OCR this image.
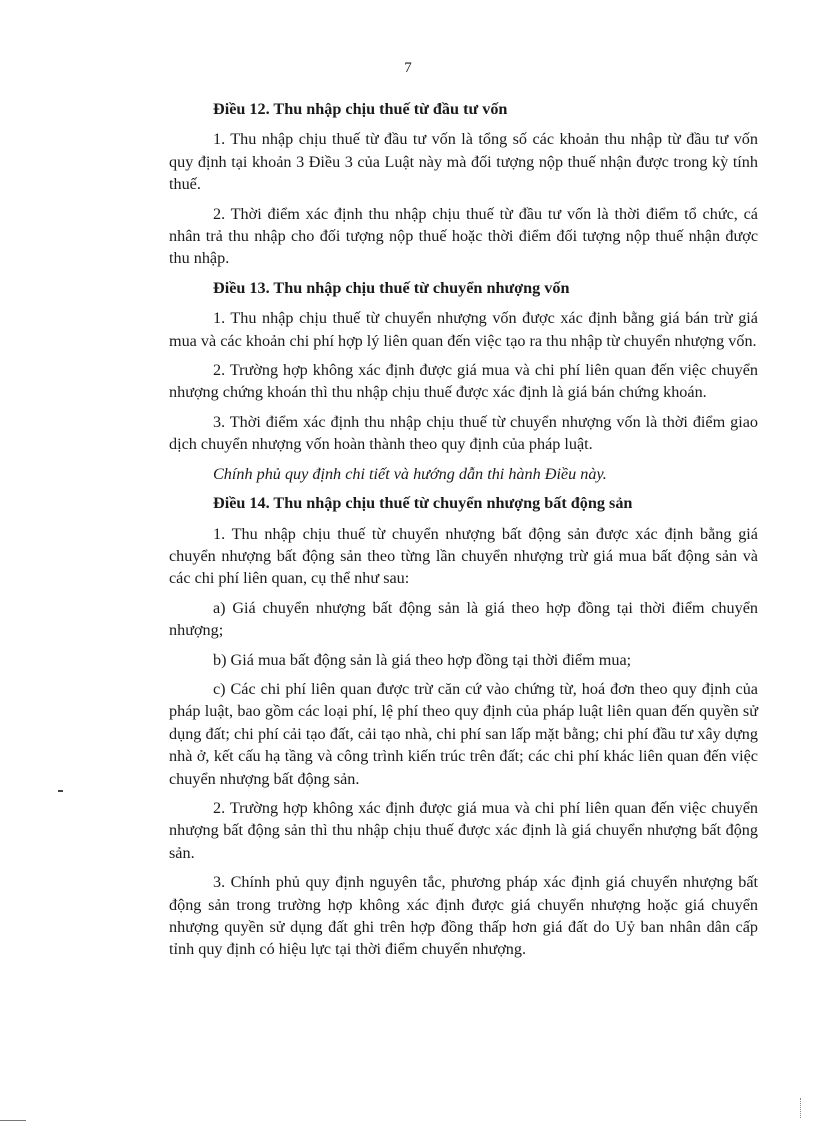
7
Điều 12. Thu nhập chịu thuế từ đầu tư vốn

1. Thu nhập chịu thuế từ đầu tư vốn là tổng số các khoản thu nhập từ đầu tư vốn quy định tại khoản 3 Điều 3 của Luật này mà đối tượng nộp thuế nhận được trong kỳ tính thuế.

2. Thời điểm xác định thu nhập chịu thuế từ đầu tư vốn là thời điểm tổ chức, cá nhân trả thu nhập cho đối tượng nộp thuế hoặc thời điểm đối tượng nộp thuế nhận được thu nhập.

Điều 13. Thu nhập chịu thuế từ chuyển nhượng vốn

1. Thu nhập chịu thuế từ chuyển nhượng vốn được xác định bằng giá bán trừ giá mua và các khoản chi phí hợp lý liên quan đến việc tạo ra thu nhập từ chuyển nhượng vốn.

2. Trường hợp không xác định được giá mua và chi phí liên quan đến việc chuyển nhượng chứng khoán thì thu nhập chịu thuế được xác định là giá bán chứng khoán.

3. Thời điểm xác định thu nhập chịu thuế từ chuyển nhượng vốn là thời điểm giao dịch chuyển nhượng vốn hoàn thành theo quy định của pháp luật.

Chính phủ quy định chi tiết và hướng dẫn thi hành Điều này.

Điều 14. Thu nhập chịu thuế từ chuyển nhượng bất động sản

1. Thu nhập chịu thuế từ chuyển nhượng bất động sản được xác định bằng giá chuyển nhượng bất động sản theo từng lần chuyển nhượng trừ giá mua bất động sản và các chi phí liên quan, cụ thể như sau:

a) Giá chuyển nhượng bất động sản là giá theo hợp đồng tại thời điểm chuyển nhượng;

b) Giá mua bất động sản là giá theo hợp đồng tại thời điểm mua;

c) Các chi phí liên quan được trừ căn cứ vào chứng từ, hoá đơn theo quy định của pháp luật, bao gồm các loại phí, lệ phí theo quy định của pháp luật liên quan đến quyền sử dụng đất; chi phí cải tạo đất, cải tạo nhà, chi phí san lấp mặt bằng; chi phí đầu tư xây dựng nhà ở, kết cấu hạ tầng và công trình kiến trúc trên đất; các chi phí khác liên quan đến việc chuyển nhượng bất động sản.

2. Trường hợp không xác định được giá mua và chi phí liên quan đến việc chuyển nhượng bất động sản thì thu nhập chịu thuế được xác định là giá chuyển nhượng bất động sản.

3. Chính phủ quy định nguyên tắc, phương pháp xác định giá chuyển nhượng bất động sản trong trường hợp không xác định được giá chuyển nhượng hoặc giá chuyển nhượng quyền sử dụng đất ghi trên hợp đồng thấp hơn giá đất do Uỷ ban nhân dân cấp tỉnh quy định có hiệu lực tại thời điểm chuyển nhượng.
